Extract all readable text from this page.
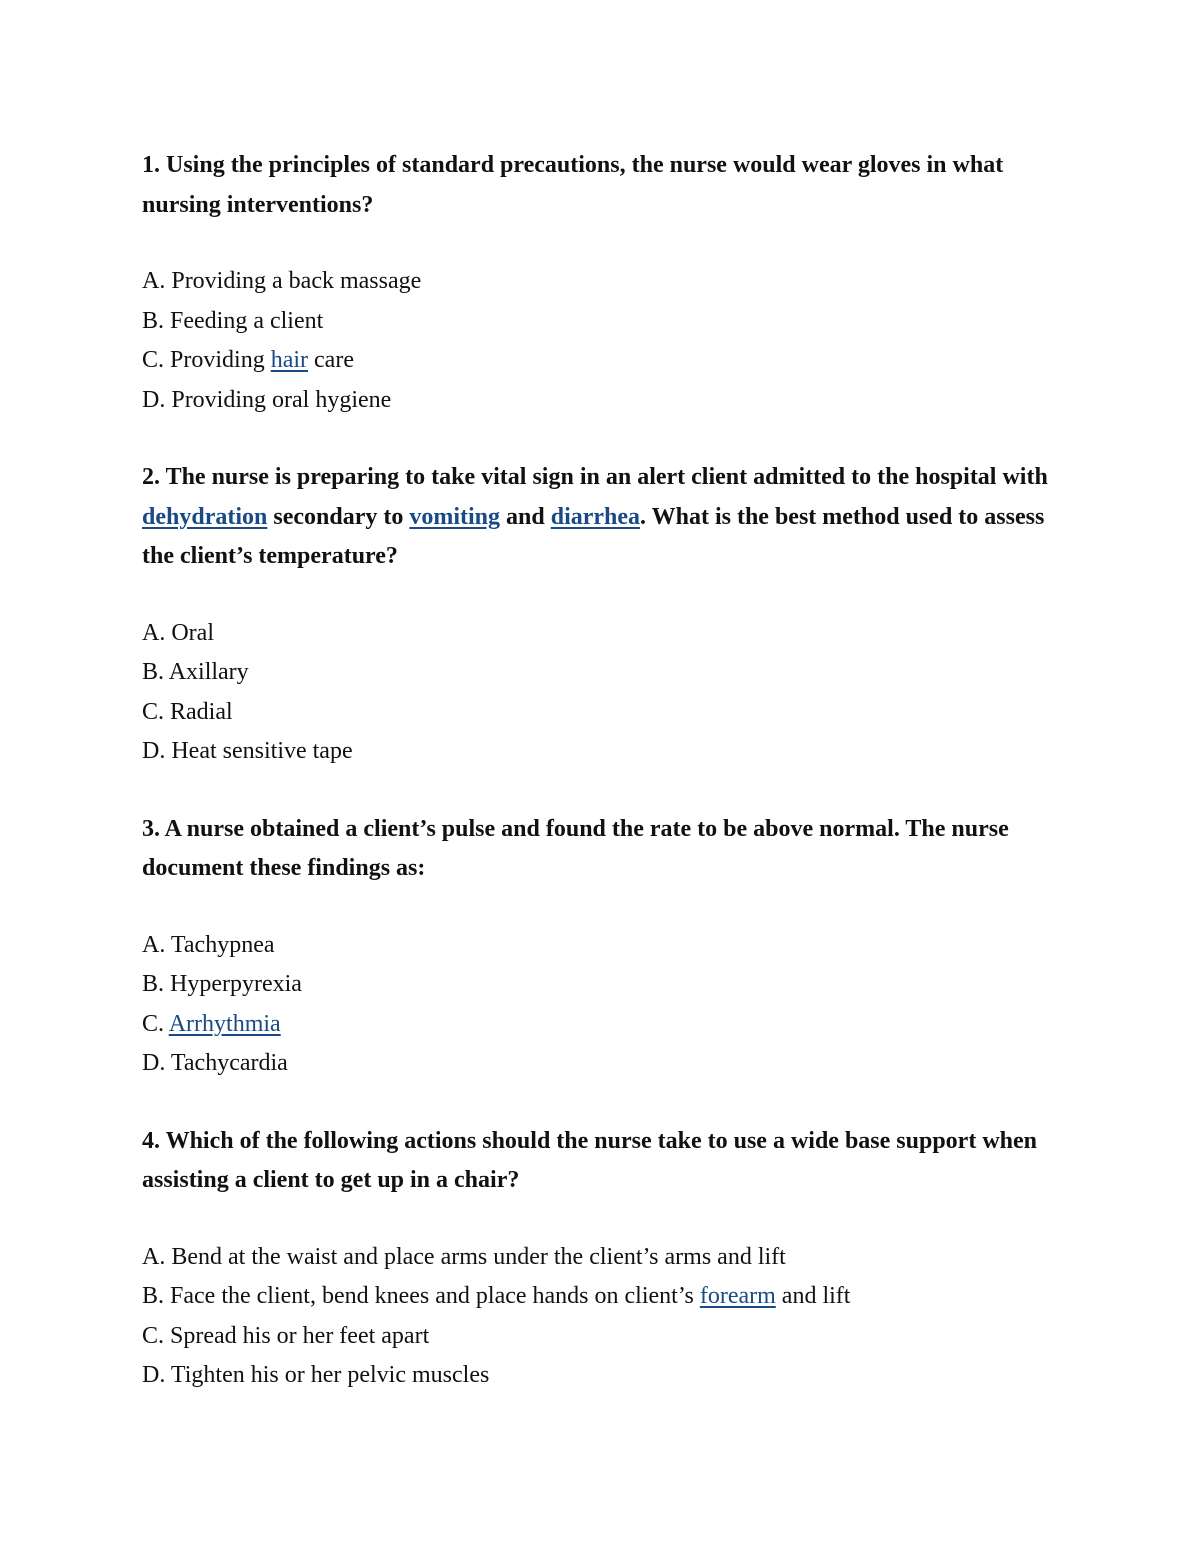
1. Using the principles of standard precautions, the nurse would wear gloves in what nursing interventions?

A. Providing a back massage
B. Feeding a client
C. Providing hair care
D. Providing oral hygiene

2. The nurse is preparing to take vital sign in an alert client admitted to the hospital with dehydration secondary to vomiting and diarrhea. What is the best method used to assess the client’s temperature?

A. Oral
B. Axillary
C. Radial
D. Heat sensitive tape

3. A nurse obtained a client’s pulse and found the rate to be above normal. The nurse document these findings as:

A. Tachypnea
B. Hyperpyrexia
C. Arrhythmia
D. Tachycardia

4. Which of the following actions should the nurse take to use a wide base support when assisting a client to get up in a chair?

A. Bend at the waist and place arms under the client’s arms and lift
B. Face the client, bend knees and place hands on client’s forearm and lift
C. Spread his or her feet apart
D. Tighten his or her pelvic muscles
